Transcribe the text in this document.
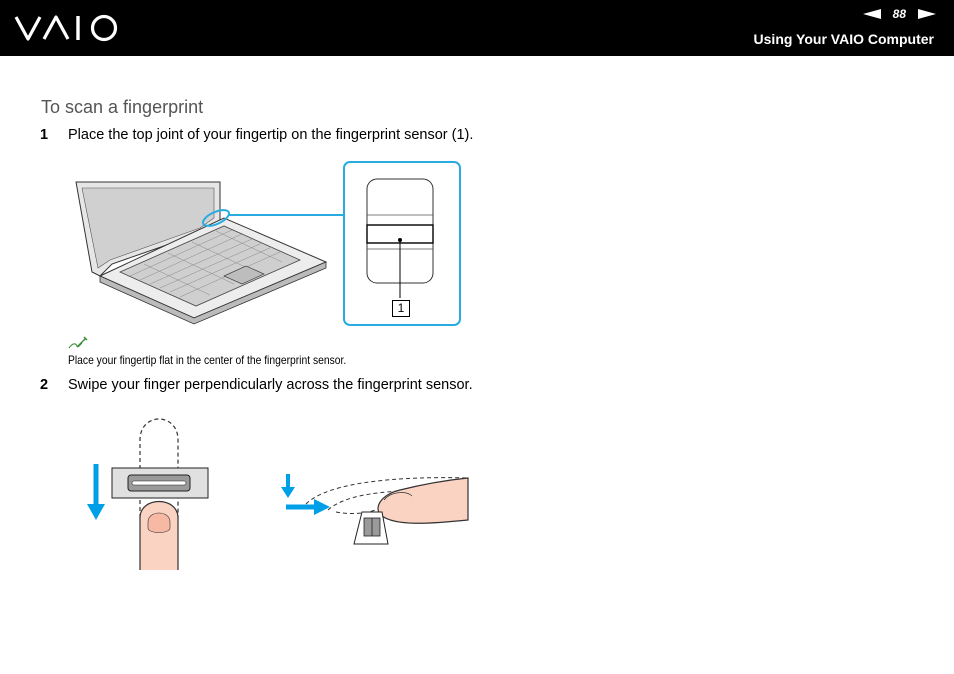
88
Using Your VAIO Computer
To scan a fingerprint
1 Place the top joint of your fingertip on the fingerprint sensor (1).
1
Place your fingertip flat in the center of the fingerprint sensor.
2 Swipe your finger perpendicularly across the fingerprint sensor.
